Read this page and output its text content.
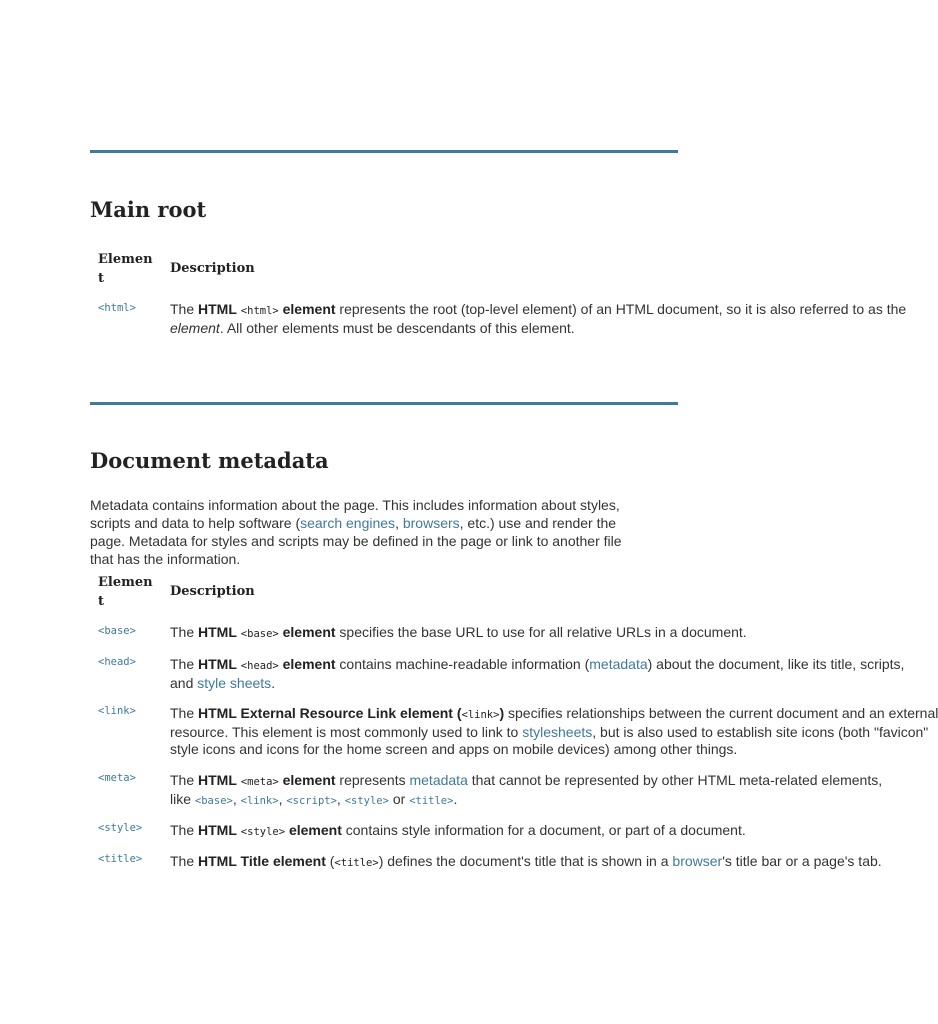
Main root
Element
Description
<html> The HTML <html> element represents the root (top-level element) of an HTML document, so it is also referred to as the
element. All other elements must be descendants of this element.
Document metadata
Metadata contains information about the page. This includes information about styles,
scripts and data to help software (search engines, browsers, etc.) use and render the
page. Metadata for styles and scripts may be defined in the page or link to another file
that has the information.
Element
Description
<base> The HTML <base> element specifies the base URL to use for all relative URLs in a document.
<head> The HTML <head> element contains machine-readable information (metadata) about the document, like its title, scripts,
and style sheets.
<link> The HTML External Resource Link element (<link>) specifies relationships between the current document and an external
resource. This element is most commonly used to link to stylesheets, but is also used to establish site icons (both "favicon"
style icons and icons for the home screen and apps on mobile devices) among other things.
<meta> The HTML <meta> element represents metadata that cannot be represented by other HTML meta-related elements,
like <base>, <link>, <script>, <style> or <title>.
<style> The HTML <style> element contains style information for a document, or part of a document.
<title> The HTML Title element (<title>) defines the document's title that is shown in a browser's title bar or a page's tab.
